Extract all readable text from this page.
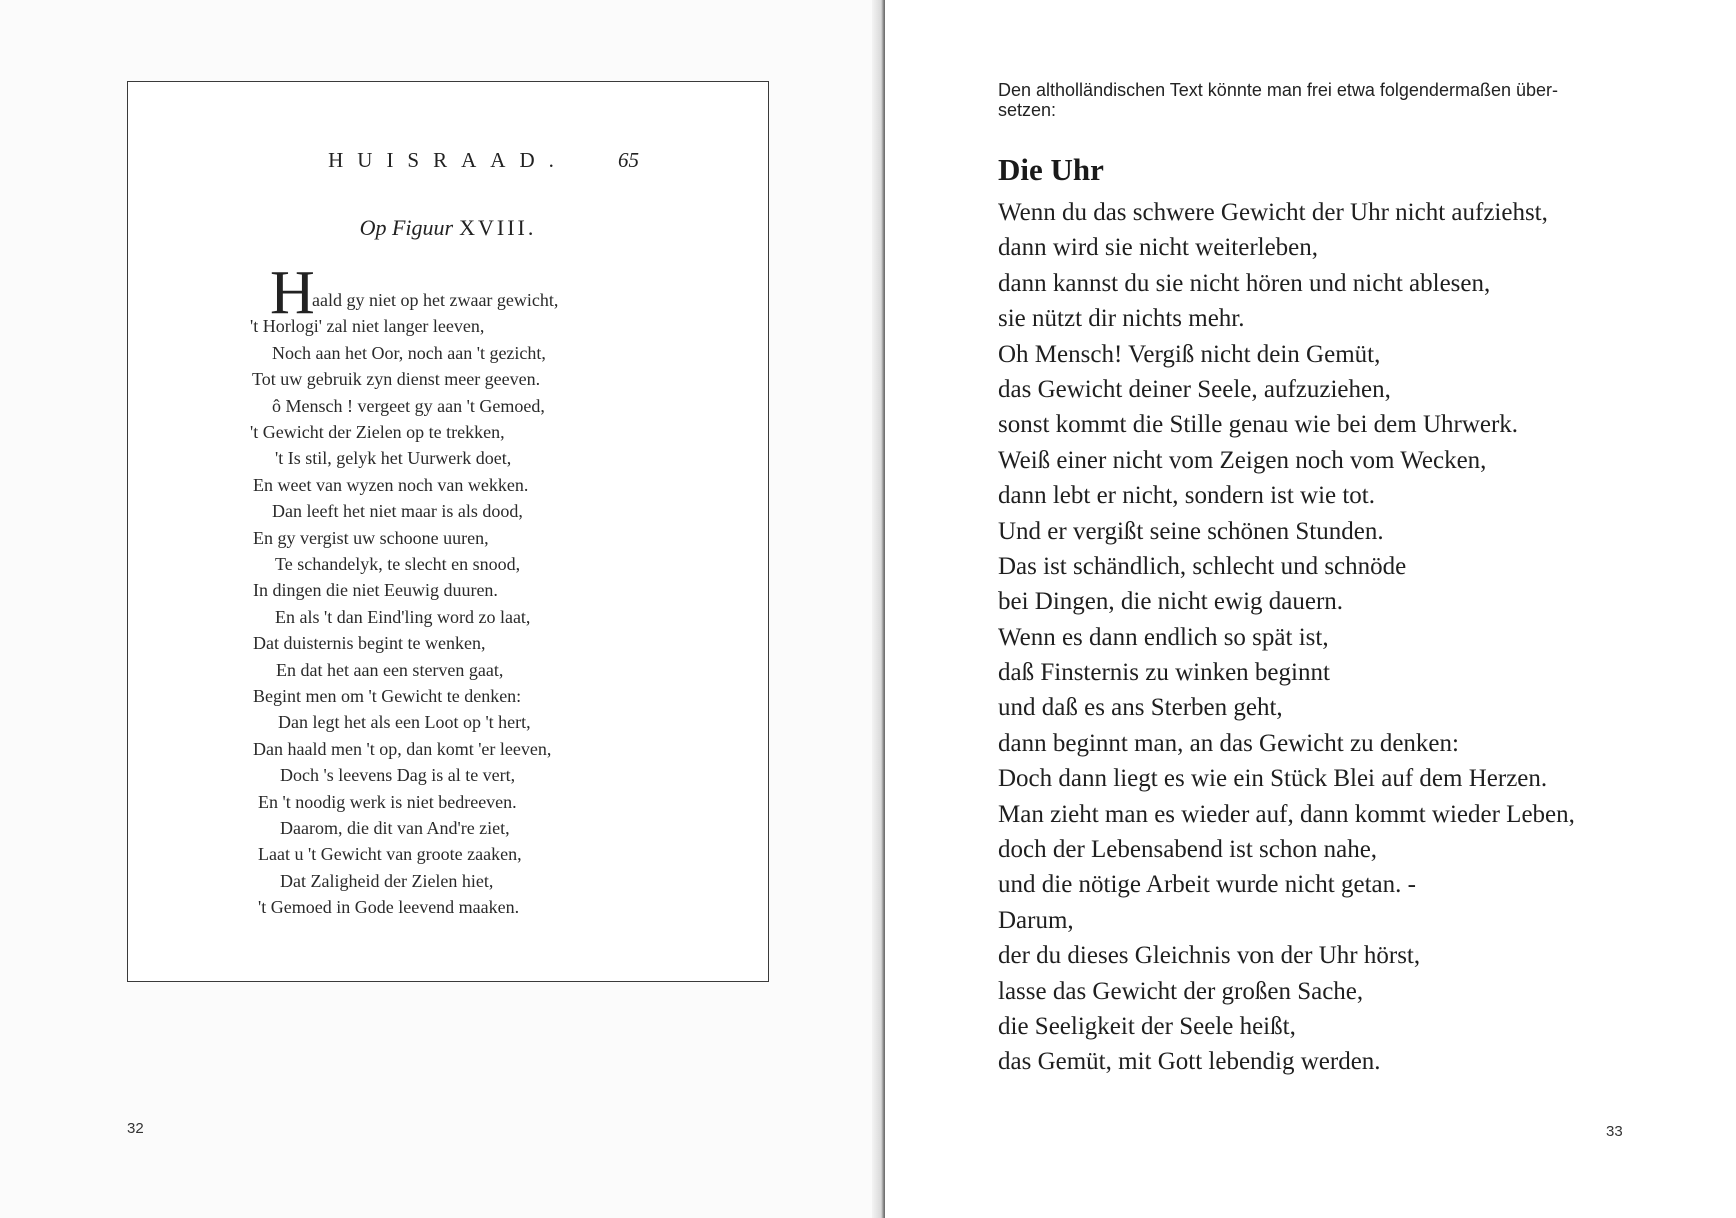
HUISRAAD. 65
Op Figuur XVIII.
32	33
H
aald gy niet op het zwaar gewicht,
't Horlogi' zal niet langer leeven,
Noch aan het Oor, noch aan 't gezicht,
Tot uw gebruik zyn dienst meer geeven.
ô Mensch ! vergeet gy aan 't Gemoed,
't Gewicht der Zielen op te trekken,
't Is stil, gelyk het Uurwerk doet,
En weet van wyzen noch van wekken.
Dan leeft het niet maar is als dood,
En gy vergist uw schoone uuren,
Te schandelyk, te slecht en snood,
In dingen die niet Eeuwig duuren.
En als 't dan Eind'ling word zo laat,
Dat duisternis begint te wenken,
En dat het aan een sterven gaat,
Begint men om 't Gewicht te denken:
Dan legt het als een Loot op 't hert,
Dan haald men 't op, dan komt 'er leeven,
Doch 's leevens Dag is al te vert,
En 't noodig werk is niet bedreeven.
Daarom, die dit van And're ziet,
Laat u 't Gewicht van groote zaaken,
Dat Zaligheid der Zielen hiet,
't Gemoed in Gode leevend maaken.
Den altholländischen Text könnte man frei etwa folgendermaßen über-
setzen:
Die Uhr
Wenn du das schwere Gewicht der Uhr nicht aufziehst,
dann wird sie nicht weiterleben,
dann kannst du sie nicht hören und nicht ablesen,
sie nützt dir nichts mehr.
Oh Mensch! Vergiß nicht dein Gemüt,
das Gewicht deiner Seele, aufzuziehen,
sonst kommt die Stille genau wie bei dem Uhrwerk.
Weiß einer nicht vom Zeigen noch vom Wecken,
dann lebt er nicht, sondern ist wie tot.
Und er vergißt seine schönen Stunden.
Das ist schändlich, schlecht und schnöde
bei Dingen, die nicht ewig dauern.
Wenn es dann endlich so spät ist,
daß Finsternis zu winken beginnt
und daß es ans Sterben geht,
dann beginnt man, an das Gewicht zu denken:
Doch dann liegt es wie ein Stück Blei auf dem Herzen.
Man zieht man es wieder auf, dann kommt wieder Leben,
doch der Lebensabend ist schon nahe,
und die nötige Arbeit wurde nicht getan. -
Darum,
der du dieses Gleichnis von der Uhr hörst,
lasse das Gewicht der großen Sache,
die Seeligkeit der Seele heißt,
das Gemüt, mit Gott lebendig werden.
